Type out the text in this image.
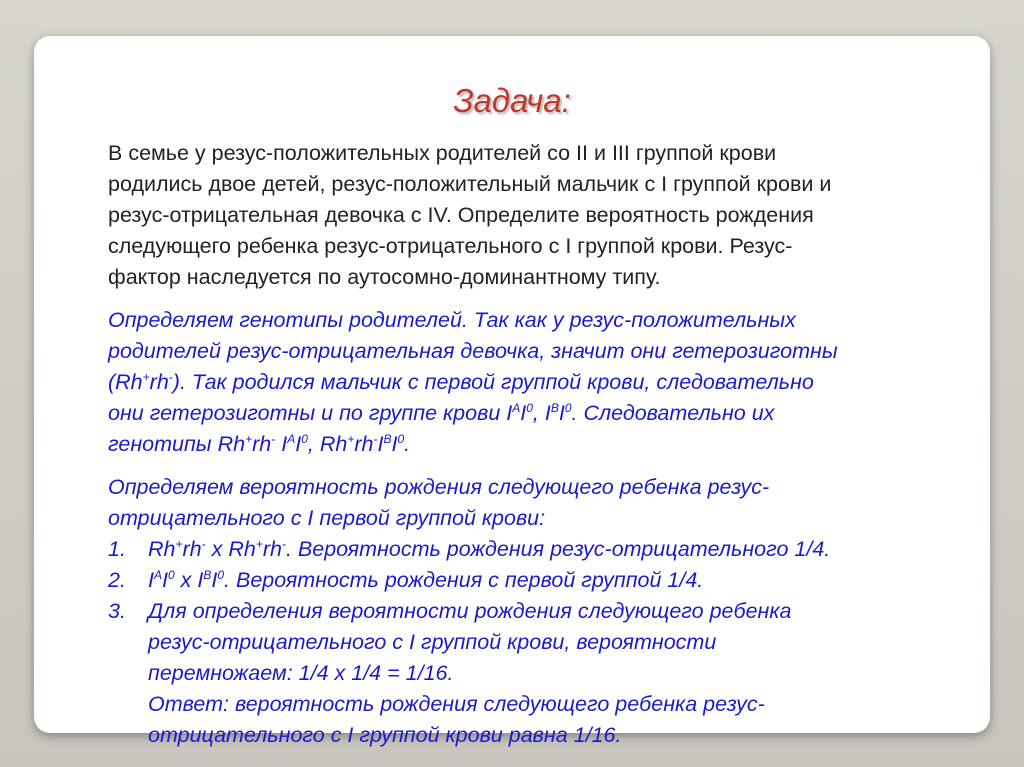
Задача:

В семье у резус-положительных родителей со II и III группой крови
родились двое детей, резус-положительный мальчик с I группой крови и
резус-отрицательная девочка с IV. Определите вероятность рождения
следующего ребенка резус-отрицательного с I группой крови. Резус-
фактор наследуется по аутосомно-доминантному типу.

Определяем генотипы родителей. Так как у резус-положительных
родителей резус-отрицательная девочка, значит они гетерозиготны
(Rh+rh-). Так родился мальчик с первой группой крови, следовательно
они гетерозиготны и по группе крови $I^AI^0$, $I^BI^0$. Следовательно их
генотипы Rh+rh- $I^AI^0$, $Rh^+rh^-I^BI^0$.

Определяем вероятность рождения следующего ребенка резус-
отрицательного с I первой группой крови:
1.	Rh+rh- x Rh+rh-. Вероятность рождения резус-отрицательного 1/4.
2.	$I^AI^0$ x $I^BI^0$. Вероятность рождения с первой группой 1/4.
3.	Для определения вероятности рождения следующего ребенка
резус-отрицательного с I группой крови, вероятности
перемножаем: 1/4 x 1/4 = 1/16.
Ответ: вероятность рождения следующего ребенка резус-
отрицательного с I группой крови равна 1/16.
